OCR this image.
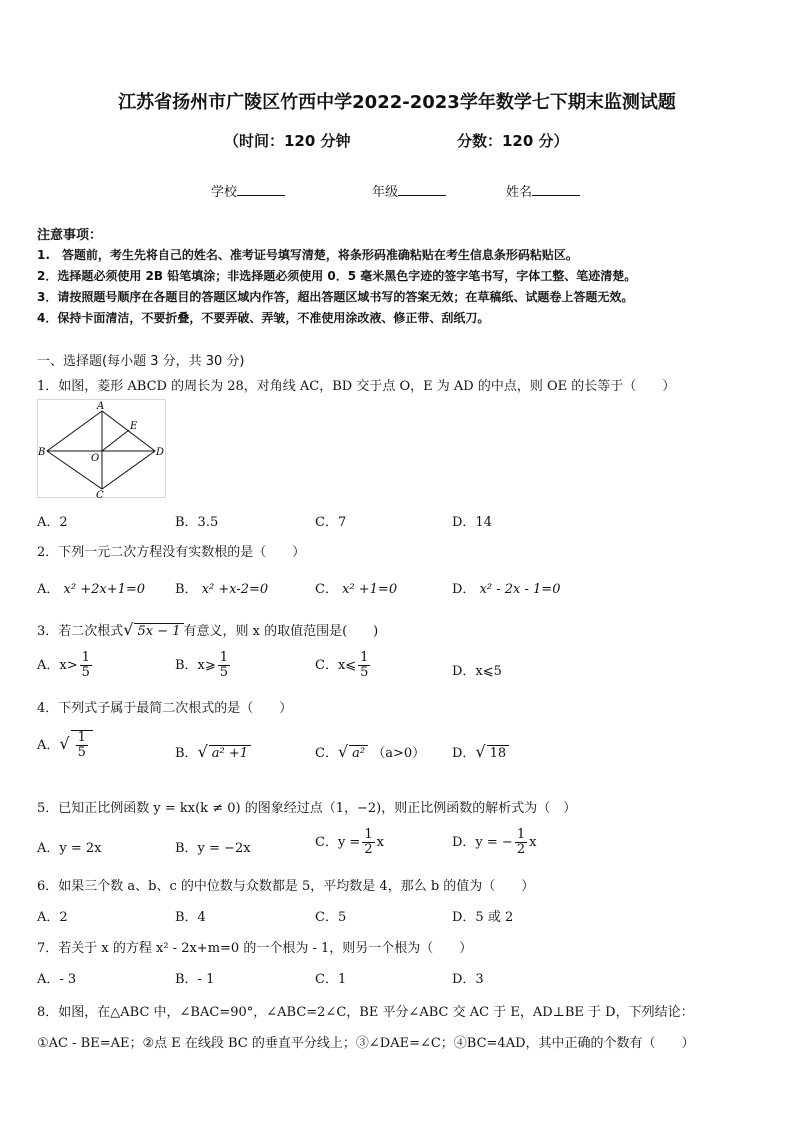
江苏省扬州市广陵区竹西中学2022-2023学年数学七下期末监测试题
（时间：120 分钟	分数：120 分）
学校	年级	姓名
注意事项：
1.　答题前，考生先将自己的姓名、准考证号填写清楚，将条形码准确粘贴在考生信息条形码粘贴区。
2．选择题必须使用 2B 铅笔填涂；非选择题必须使用 0．5 毫米黑色字迹的签字笔书写，字体工整、笔迹清楚。
3．请按照题号顺序在各题目的答题区域内作答，超出答题区域书写的答案无效；在草稿纸、试题卷上答题无效。
4．保持卡面清洁，不要折叠，不要弄破、弄皱，不准使用涂改液、修正带、刮纸刀。
一、选择题(每小题 3 分，共 30 分)
1．如图，菱形 ABCD 的周长为 28，对角线 AC，BD 交于点 O，E 为 AD 的中点，则 OE 的长等于（　　）
A
B
C
D
E
O
A．2	B．3.5	C．7	D．14
2．下列一元二次方程没有实数根的是（　　）
A． x² +2x+1=0 B． x² +x-2=0	C． x² +1=0	D． x² - 2x - 1=0
3．若二次根式√ 5x − 1 有意义，则 x 的取值范围是(　　)
A．$x> \frac{1}{5}$	B．x⩾ $\frac{1}{5}$	C．x⩽ $\frac{1}{5}$	D．x⩽5
4．下列式子属于最简二次根式的是（　　）
A．√ $\frac{1}{5}$	B．√ a² +1	C．√ a² （a>0） D．√ 18
5．已知正比例函数 y = kx(k ≠ 0) 的图象经过点（1，−2)，则正比例函数的解析式为（　）
A．y = 2x	B．y = −2x	C．$y = \frac{1}{2}$ x	D．y = − $\frac{1}{2}$ x
6．如果三个数 a、b、c 的中位数与众数都是 5，平均数是 4，那么 b 的值为（　　）
A．2	B．4	C．5	D．5 或 2
7．若关于 x 的方程 x² - 2x+m=0 的一个根为 - 1，则另一个根为（　　）
A．- 3	B．- 1	C．1	D．3
8．如图，在△ABC 中，∠BAC=90°，∠ABC=2∠C，BE 平分∠ABC 交 AC 于 E，AD⊥BE 于 D，下列结论：
①AC - BE=AE；②点 E 在线段 BC 的垂直平分线上；③∠DAE=∠C；④BC=4AD，其中正确的个数有（　　）
